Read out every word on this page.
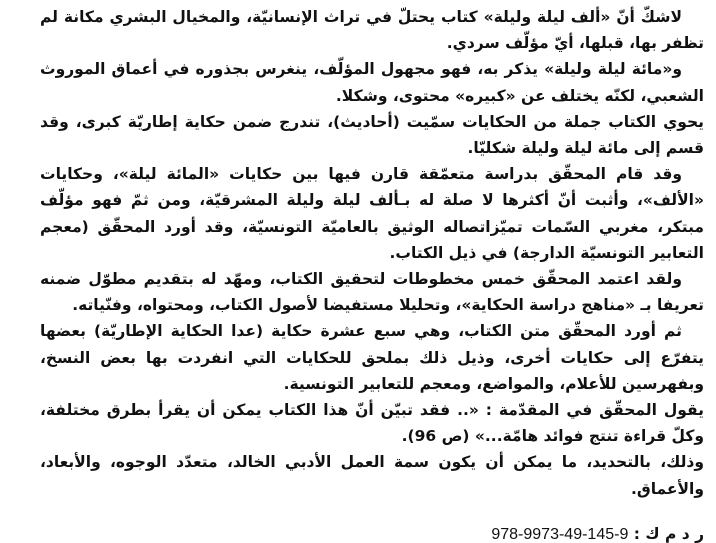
لاشكّ أنّ «ألف ليلة وليلة» كتاب يحتلّ في تراث الإنسانيّة، والمخيال البشري مكانة لم تظفر بها، قبلها، أيّ مؤلّف سردي.

و«مائة ليلة وليلة» يذكر به، فهو مجهول المؤلّف، ينغرس بجذوره في أعماق الموروث الشعبي، لكنّه يختلف عن «كبيره» محتوى، وشكلا.

يحوي الكتاب جملة من الحكايات سمّيت (أحاديث)، تندرج ضمن حكاية إطاريّة كبرى، وقد قسم إلى مائة ليلة وليلة شكليّا.

وقد قام المحقّق بدراسة متعمّقة قارن فيها بين حكايات «المائة ليلة»، وحكايات «الألف»، وأثبت أنّ أكثرها لا صلة له بـألف ليلة وليلة المشرقيّة، ومن ثمّ فهو مؤلّف مبتكر، مغربي السّمات تميّزاتصاله الوثيق بالعاميّة التونسيّة، وقد أورد المحقّق (معجم التعابير التونسيّة الدارجة) في ذيل الكتاب.

ولقد اعتمد المحقّق خمس مخطوطات لتحقيق الكتاب، ومهّد له بتقديم مطوّل ضمنه تعريفا بـ «مناهج دراسة الحكاية»، وتحليلا مستفيضا لأصول الكتاب، ومحتواه، وفنّياته.

ثم أورد المحقّق متن الكتاب، وهي سبع عشرة حكاية (عدا الحكاية الإطاريّة) بعضها يتفرّع إلى حكايات أخرى، وذيل ذلك بملحق للحكايات التي انفردت بها بعض النسخ، وبفهرسين للأعلام، والمواضع، ومعجم للتعابير التونسية.

يقول المحقّق في المقدّمة : «.. فقد تبيّن أنّ هذا الكتاب يمكن أن يقرأ بطرق مختلفة، وكلّ قراءة تنتج فوائد هامّة...» (ص 96).

وذلك، بالتحديد، ما يمكن أن يكون سمة العمل الأدبي الخالد، متعدّد الوجوه، والأبعاد، والأعماق.

ر د م ك : 978-9973-49-145-9
